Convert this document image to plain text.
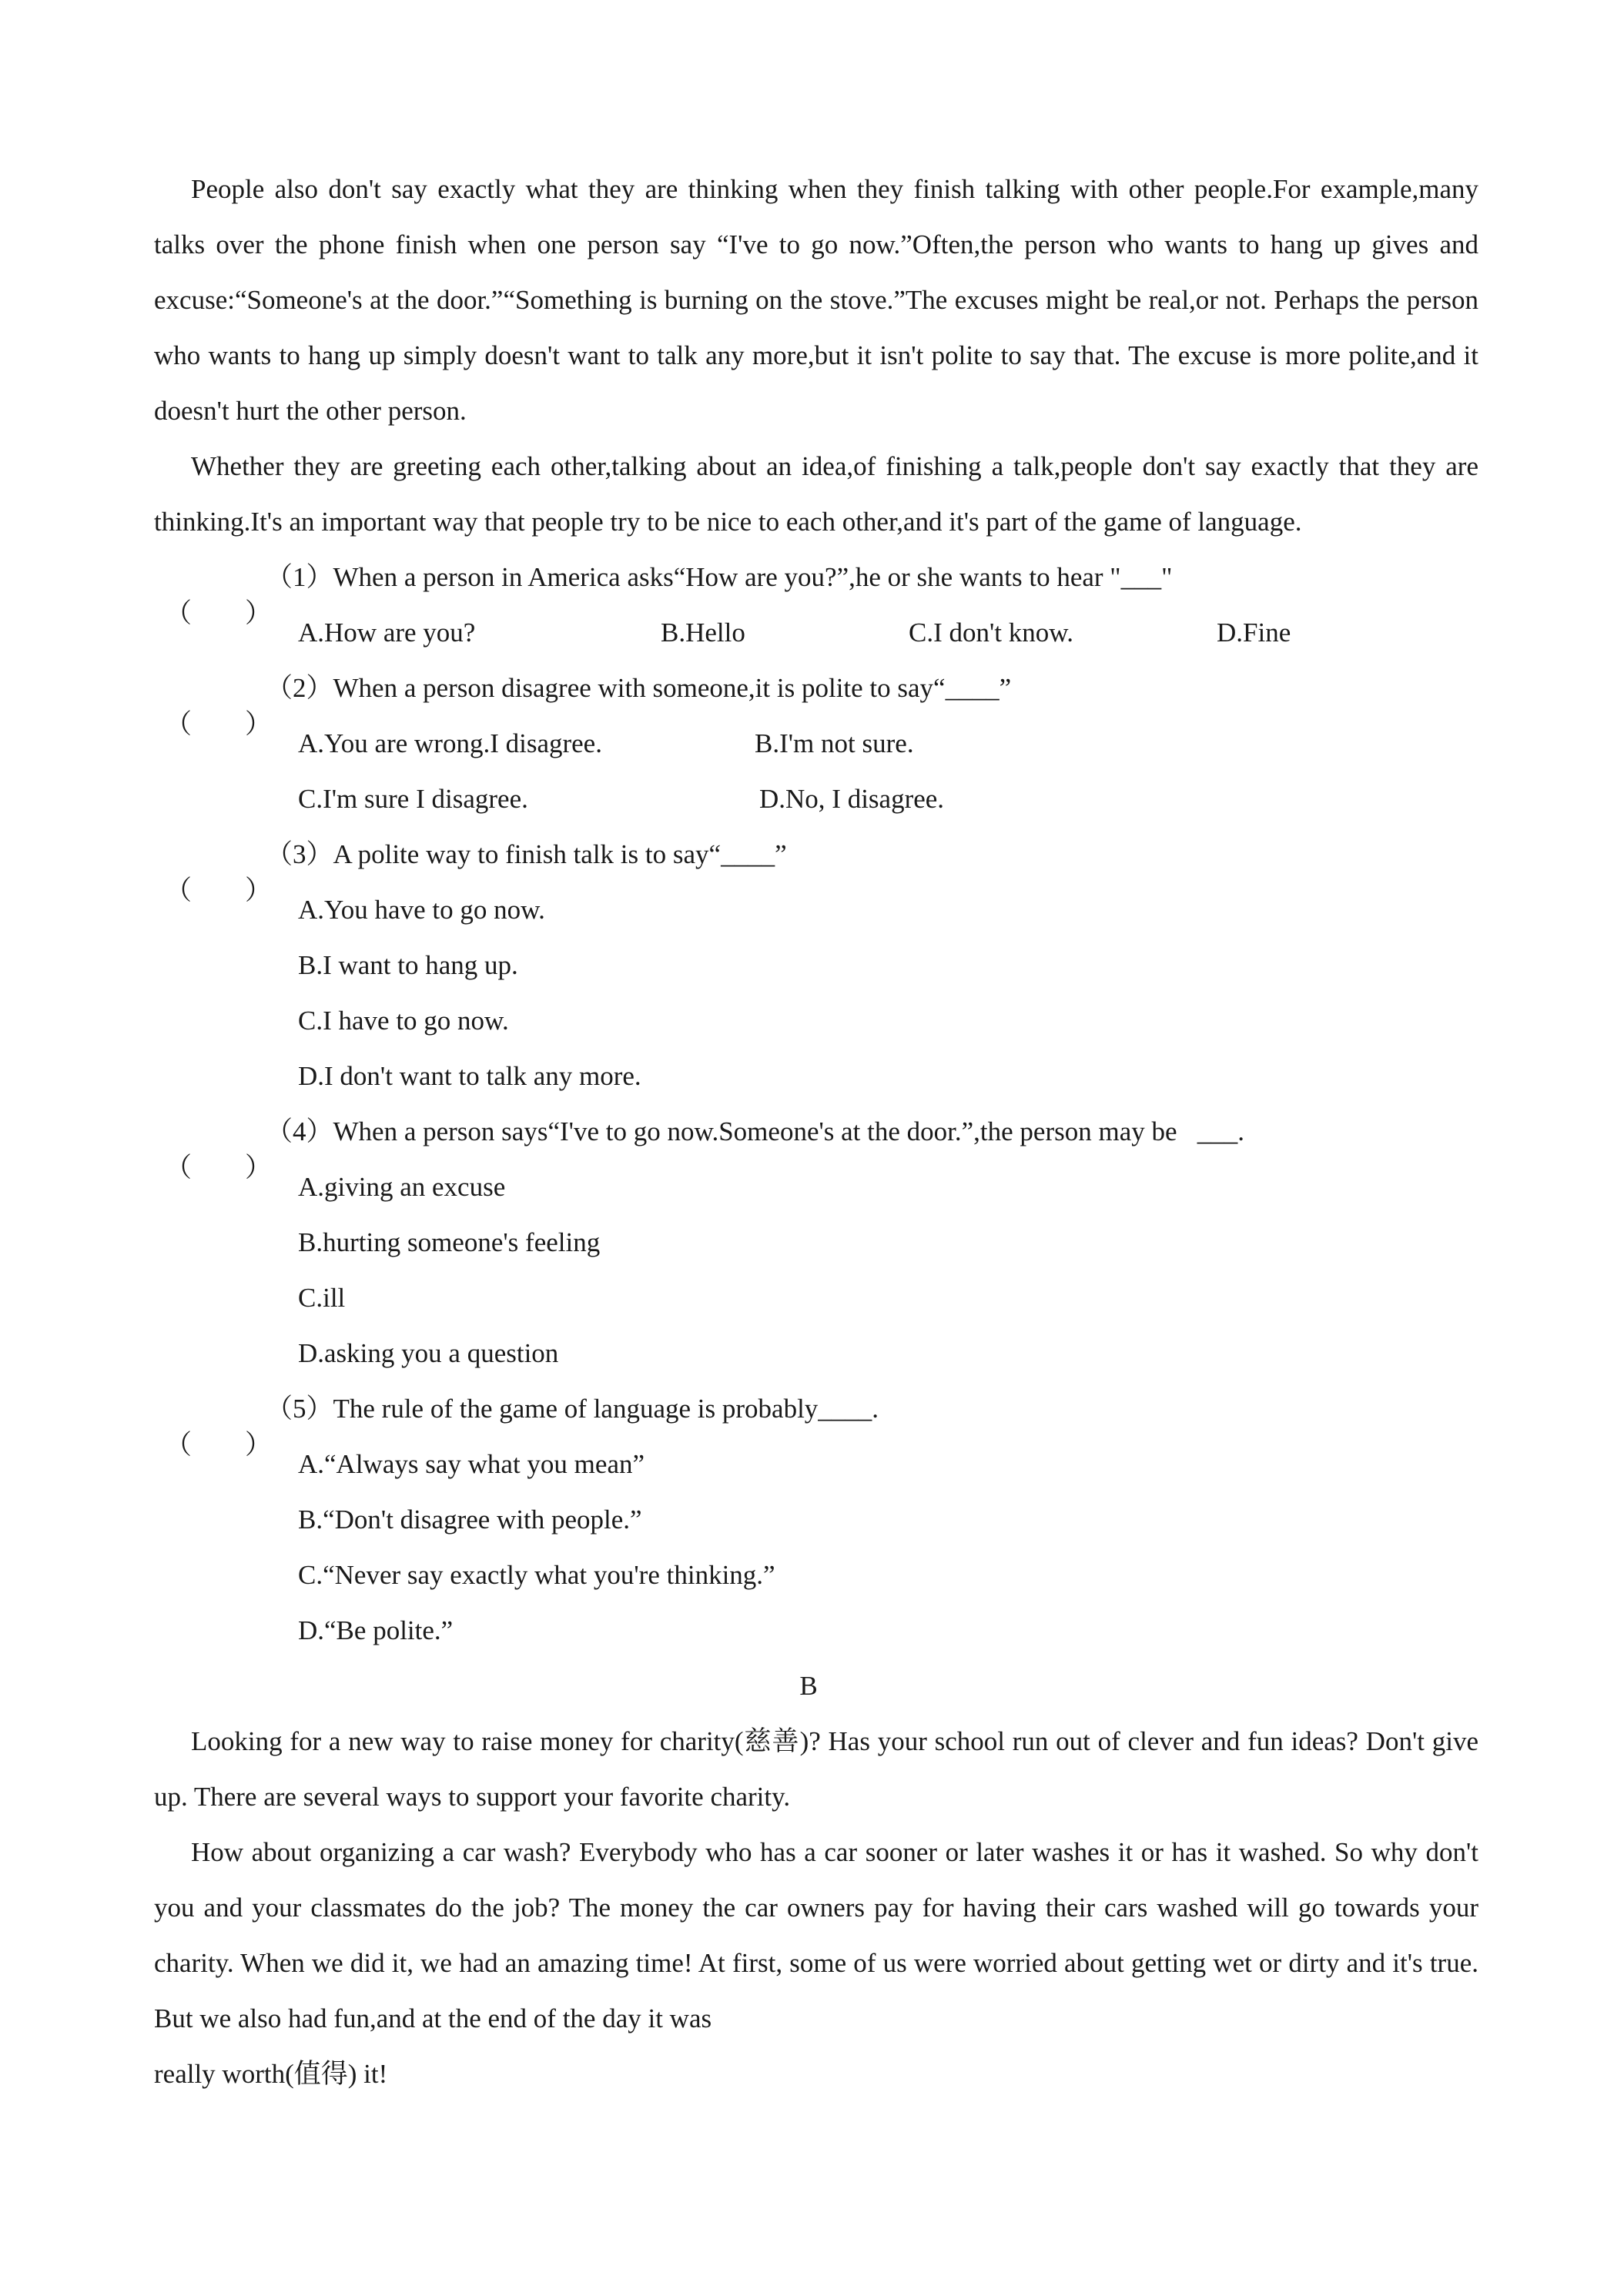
People also don't say exactly what they are thinking when they finish talking with other people.For example,many talks over the phone finish when one person say “I've to go now.”Often,the person who wants to hang up gives and excuse:“Someone's at the door.”“Something is burning on the stove.”The excuses might be real,or not. Perhaps the person who wants to hang up simply doesn't want to talk any more,but it isn't polite to say that. The excuse is more polite,and it doesn't hurt the other person.

Whether they are greeting each other,talking about an idea,of finishing a talk,people don't say exactly that they are thinking.It's an important way that people try to be nice to each other,and it's part of the game of language.

（ ）
（1） When a person in America asks“How are you?”,he or she wants to hear "___"
A.How are you?	B.Hello	C.I don't know.	D.Fine
（ ）
（2） When a person disagree with someone,it is polite to say“____”
A.You are wrong.I disagree.	B.I'm not sure.
C.I'm sure I disagree.	D.No, I disagree.
（ ）
（3） A polite way to finish talk is to say“____”
A.You have to go now.
B.I want to hang up.
C.I have to go now.
D.I don't want to talk any more.
（ ）
（4） When a person says“I've to go now.Someone's at the door.”,the person may be   ___.
A.giving an excuse
B.hurting someone's feeling
C.ill
D.asking you a question
（ ）
（5） The rule of the game of language is probably____.
A.“Always say what you mean”
B.“Don't disagree with people.”
C.“Never say exactly what you're thinking.”
D.“Be polite.”
B

Looking for a new way to raise money for charity(慈善)? Has your school run out of clever and fun ideas? Don't give up. There are several ways to support your favorite charity.

How about organizing a car wash? Everybody who has a car sooner or later washes it or has it washed. So why don't you and your classmates do the job? The money the car owners pay for having their cars washed will go towards your charity. When we did it, we had an amazing time! At first, some of us were worried about getting wet or dirty and it's true. But we also had fun,and at the end of the day it was

really worth(值得) it!
